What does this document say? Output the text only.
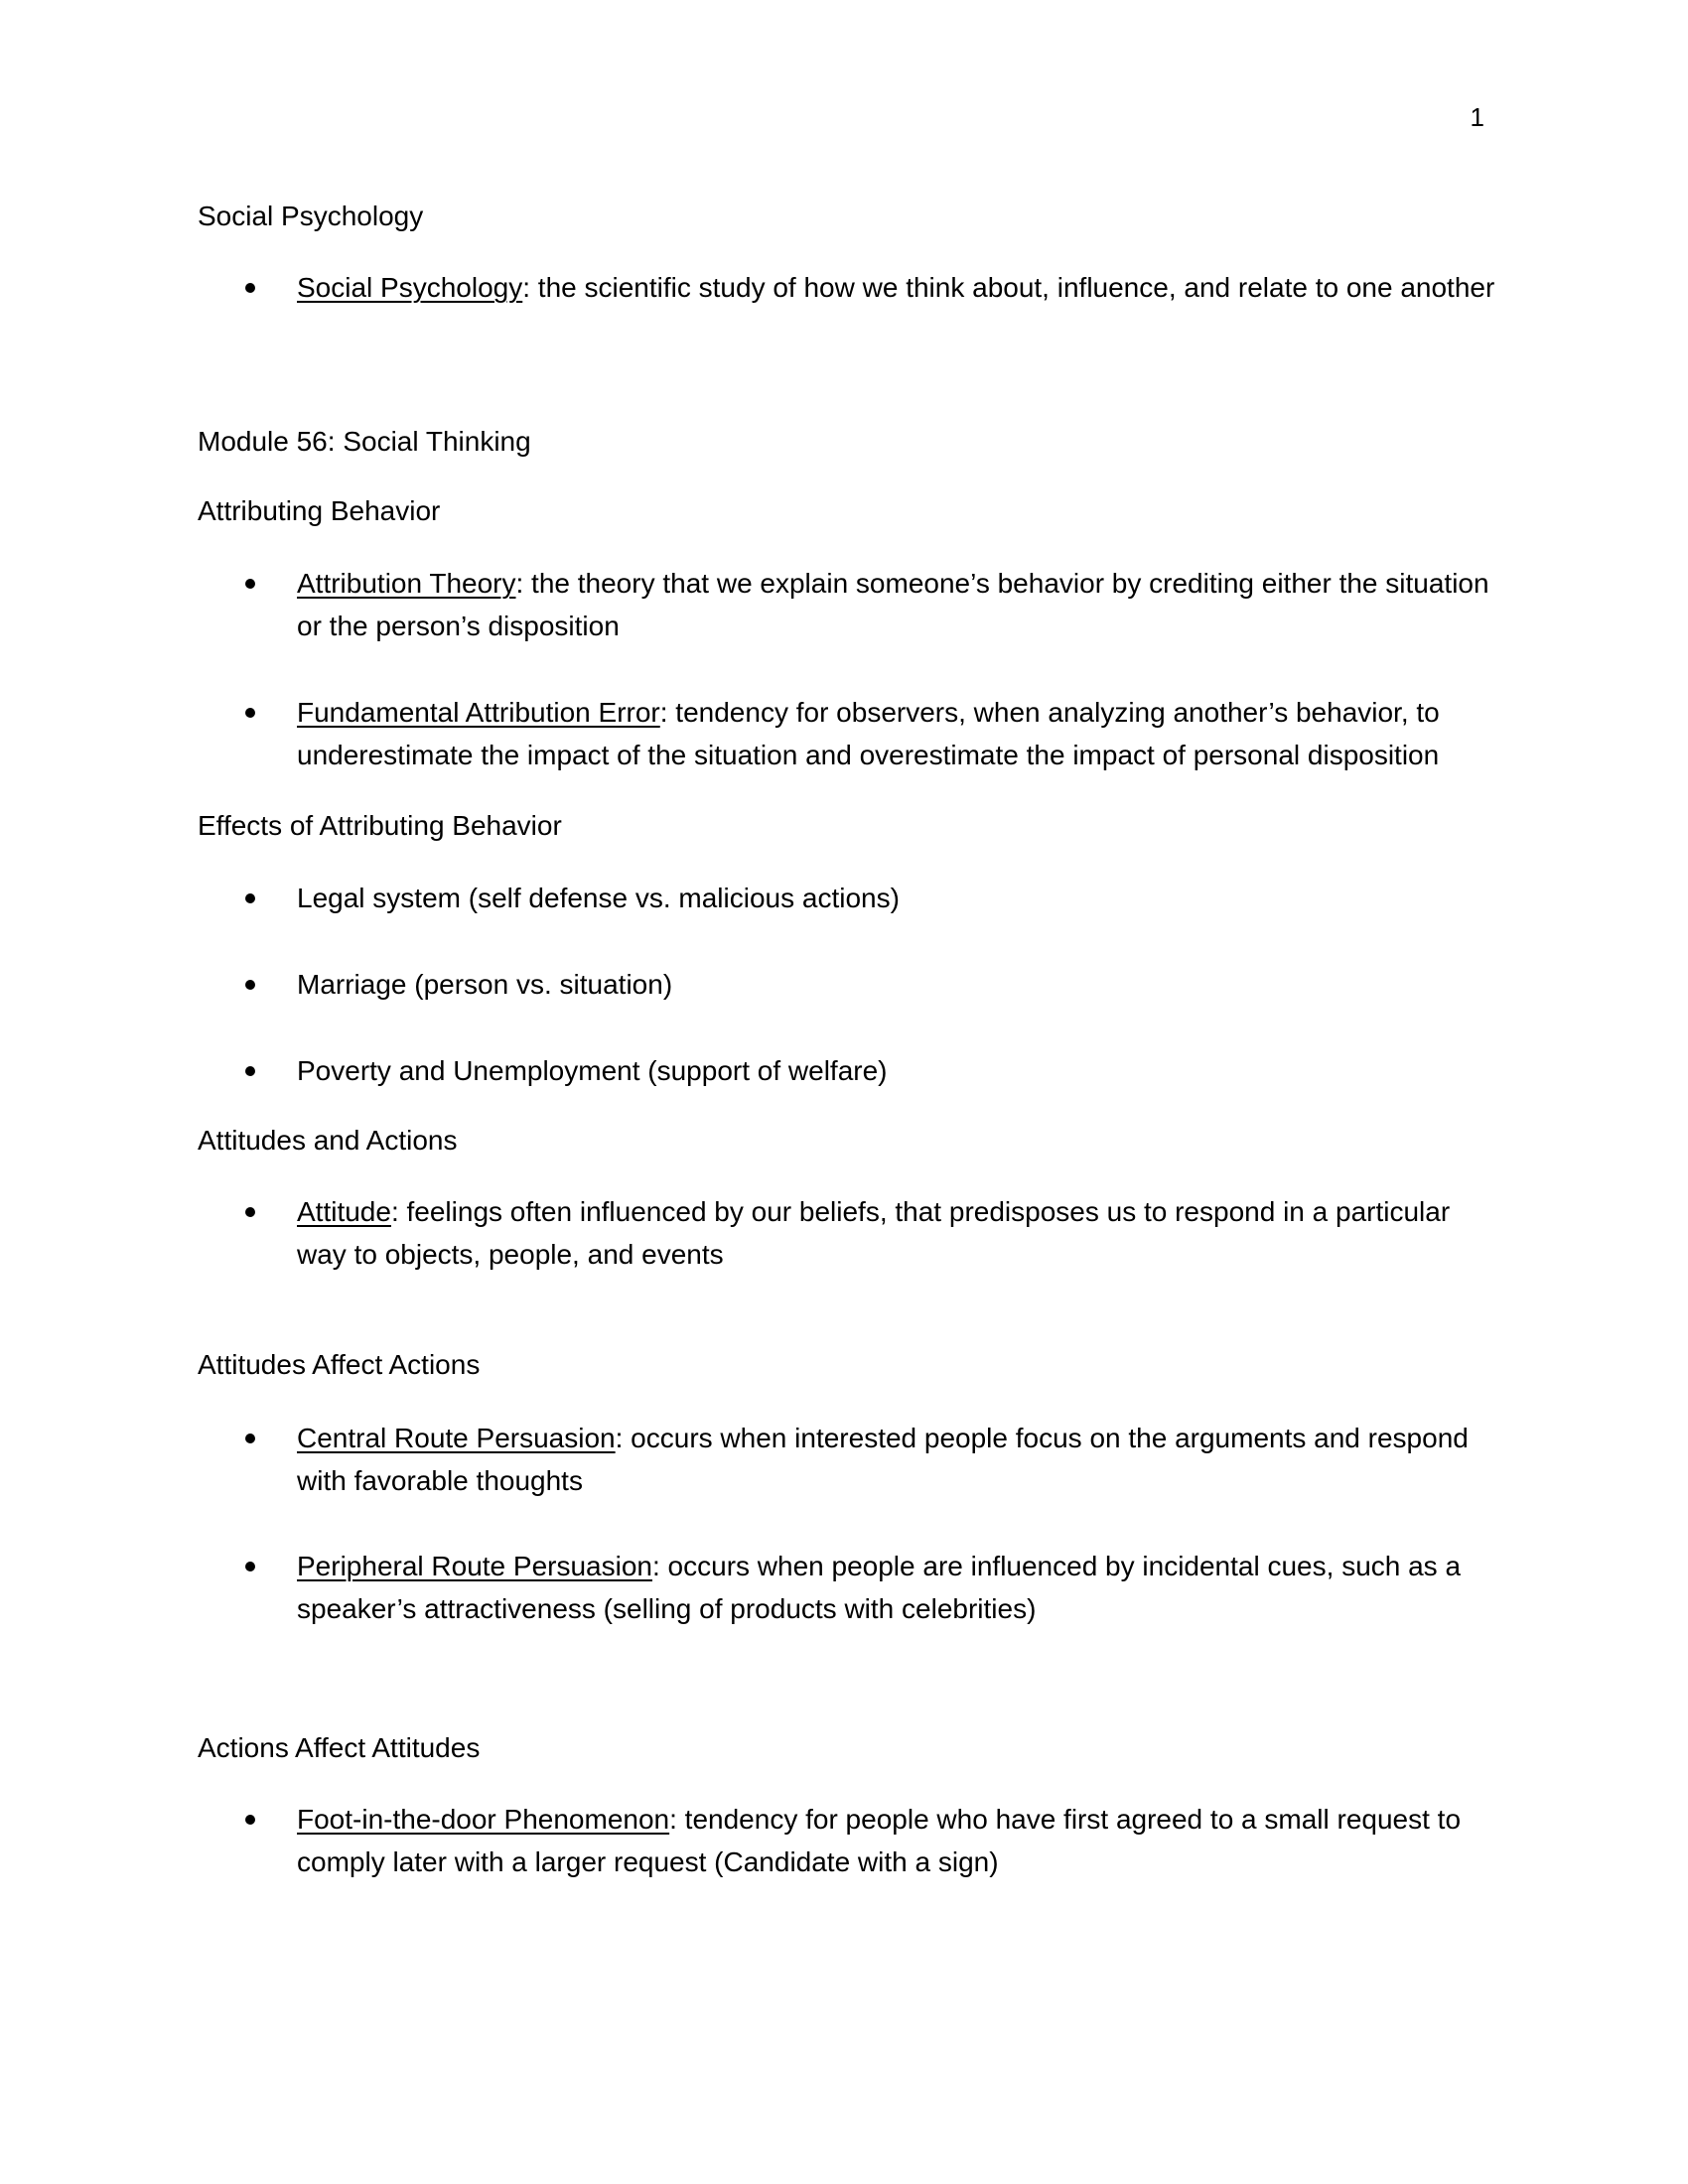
1
Social Psychology
Social Psychology: the scientific study of how we think about, influence, and relate to one another
Module 56: Social Thinking
Attributing Behavior
Attribution Theory: the theory that we explain someone’s behavior by crediting either the situation or the person’s disposition
Fundamental Attribution Error: tendency for observers, when analyzing another’s behavior, to underestimate the impact of the situation and overestimate the impact of personal disposition
Effects of Attributing Behavior
Legal system (self defense vs. malicious actions)
Marriage (person vs. situation)
Poverty and Unemployment (support of welfare)
Attitudes and Actions
Attitude: feelings often influenced by our beliefs, that predisposes us to respond in a particular way to objects, people, and events
Attitudes Affect Actions
Central Route Persuasion: occurs when interested people focus on the arguments and respond with favorable thoughts
Peripheral Route Persuasion: occurs when people are influenced by incidental cues, such as a speaker’s attractiveness (selling of products with celebrities)
Actions Affect Attitudes
Foot-in-the-door Phenomenon: tendency for people who have first agreed to a small request to comply later with a larger request (Candidate with a sign)
